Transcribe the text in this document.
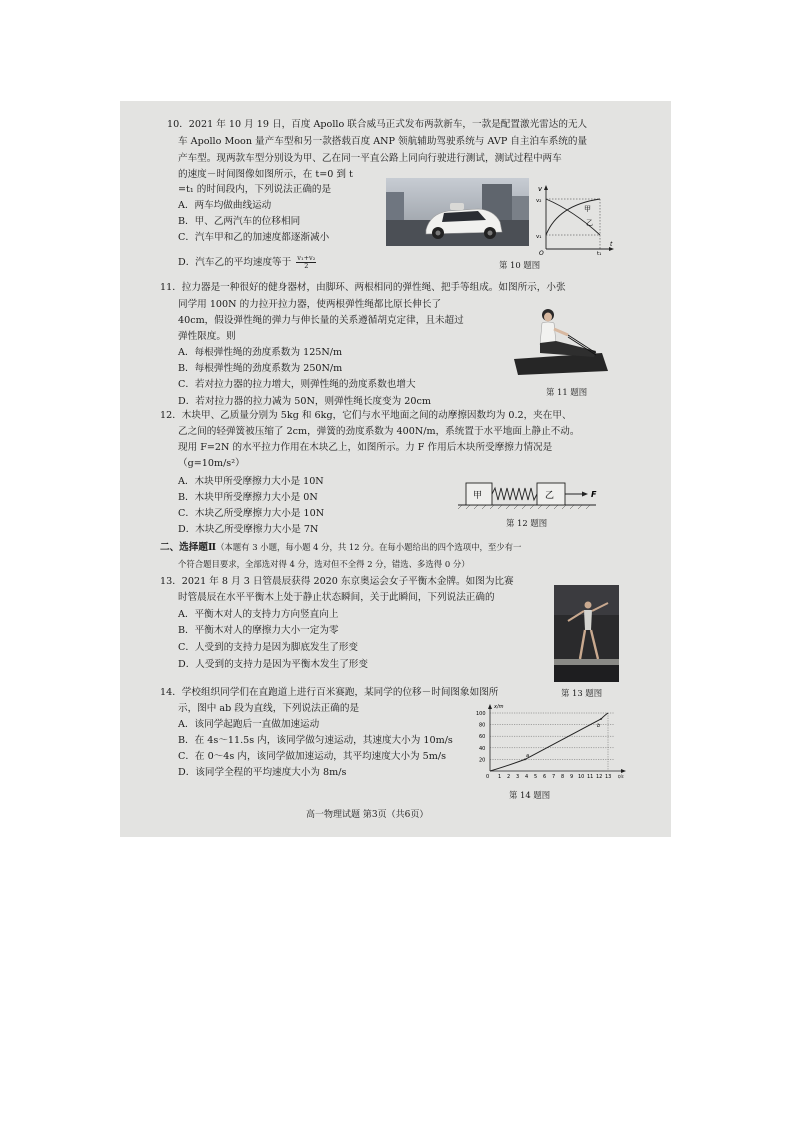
10．2021 年 10 月 19 日，百度 Apollo 联合威马正式发布两款新车，一款是配置激光雷达的无人
车 Apollo Moon 量产车型和另一款搭载百度 ANP 领航辅助驾驶系统与 AVP 自主泊车系统的量
产车型。现两款车型分别设为甲、乙在同一平直公路上同向行驶进行测试，测试过程中两车
的速度－时间图像如图所示，在 t=0 到 t
=t₁ 的时间段内，下列说法正确的是
A．两车均做曲线运动
B．甲、乙两汽车的位移相同
C．汽车甲和乙的加速度都逐渐减小
D．汽车乙的平均速度等于 $\frac{\text{v₁+v₂}}{2}$
v
v₂
v₁
O	t₁
t
甲
乙
第 10 题图
11．拉力器是一种很好的健身器材，由脚环、两根相同的弹性绳、把手等组成。如图所示，小张
同学用 100N 的力拉开拉力器，使两根弹性绳都比原长伸长了
40cm，假设弹性绳的弹力与伸长量的关系遵循胡克定律，且未超过
弹性限度。则
A．每根弹性绳的劲度系数为 125N/m
B．每根弹性绳的劲度系数为 250N/m
C．若对拉力器的拉力增大，则弹性绳的劲度系数也增大
D．若对拉力器的拉力减为 50N，则弹性绳长度变为 20cm
第 11 题图
12．木块甲、乙质量分别为 5kg 和 6kg，它们与水平地面之间的动摩擦因数均为 0.2，夹在甲、
乙之间的轻弹簧被压缩了 2cm，弹簧的劲度系数为 400N/m，系统置于水平地面上静止不动。
现用 F=2N 的水平拉力作用在木块乙上，如图所示。力 F 作用后木块所受摩擦力情况是
（g=10m/s²）
A．木块甲所受摩擦力大小是 10N
B．木块甲所受摩擦力大小是 0N
C．木块乙所受摩擦力大小是 10N
D．木块乙所受摩擦力大小是 7N
甲	乙	F
第 12 题图
二、选择题Ⅱ（本题有 3 小题，每小题 4 分，共 12 分。在每小题给出的四个选项中，至少有一
个符合题目要求，全部选对得 4 分，选对但不全得 2 分，错选、多选得 0 分）
13．2021 年 8 月 3 日管晨辰获得 2020 东京奥运会女子平衡木金牌。如图为比赛
时管晨辰在水平平衡木上处于静止状态瞬间，关于此瞬间，下列说法正确的
A．平衡木对人的支持力方向竖直向上
B．平衡木对人的摩擦力大小一定为零
C．人受到的支持力是因为脚底发生了形变
D．人受到的支持力是因为平衡木发生了形变
第 13 题图
14．学校组织同学们在直跑道上进行百米赛跑，某同学的位移－时间图象如图所
示，图中 ab 段为直线，下列说法正确的是
A．该同学起跑后一直做加速运动
B．在 4s～11.5s 内，该同学做匀速运动，其速度大小为 10m/s
C．在 0～4s 内，该同学做加速运动，其平均速度大小为 5m/s
D．该同学全程的平均速度大小为 8m/s
a
b
x/m
100
80
60
40
20
0 1 2 3 4 5 6 7 8 9 10 11 12 13 t/s
第 14 题图
高一物理试题 第3页（共6页）
